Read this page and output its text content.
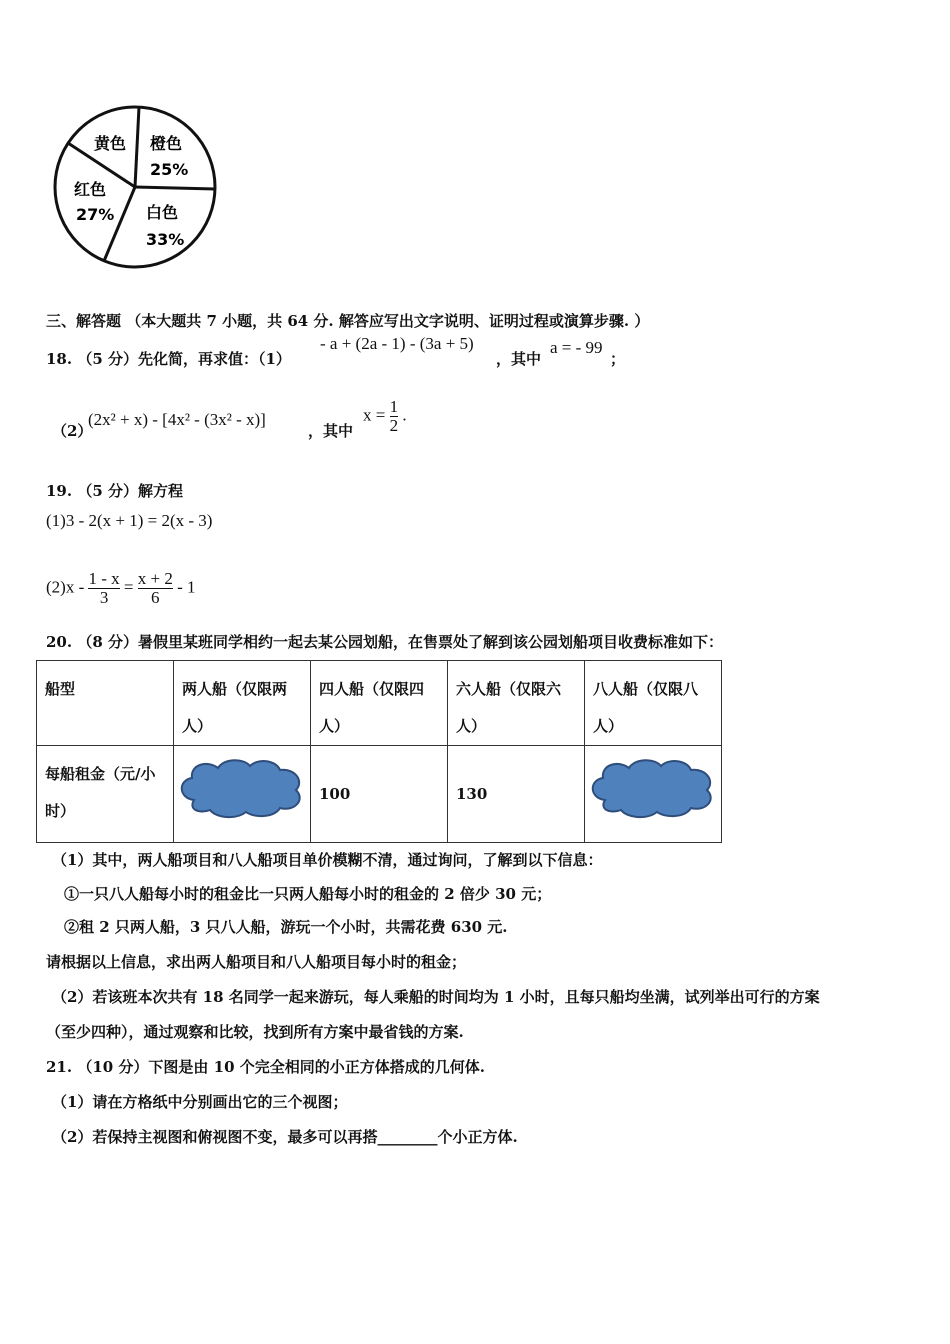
黄色 橙色
25%
红色
27% 白色
33%
三、解答题 （本大题共 7 小题，共 64 分. 解答应写出文字说明、证明过程或演算步骤. ）
18. （5 分）先化简，再求值：（1）
- a + (2a - 1) - (3a + 5)
，其中
a = - 99
；
（2）
(2x² + x) - [4x² - (3x² - x)]
，其中
$x = \frac{1}{2}$ .
19. （5 分）解方程
(1)3 - 2(x + 1) = 2(x - 3)
$(2)x - \frac{1 - x}{3} = \frac{x + 2}{6} - 1$
20. （8 分）暑假里某班同学相约一起去某公园划船，在售票处了解到该公园划船项目收费标准如下：
船型	两人船（仅限两人）	四人船（仅限四人）	六人船（仅限六人）	八人船（仅限八人）
每船租金（元/小时）		100	130	
（1）其中，两人船项目和八人船项目单价模糊不清，通过询问，了解到以下信息：
①一只八人船每小时的租金比一只两人船每小时的租金的 2 倍少 30 元；
②租 2 只两人船，3 只八人船，游玩一个小时，共需花费 630 元.
请根据以上信息，求出两人船项目和八人船项目每小时的租金；
（2）若该班本次共有 18 名同学一起来游玩，每人乘船的时间均为 1 小时，且每只船均坐满，试列举出可行的方案
（至少四种），通过观察和比较，找到所有方案中最省钱的方案.
21. （10 分）下图是由 10 个完全相同的小正方体搭成的几何体.
（1）请在方格纸中分别画出它的三个视图；
（2）若保持主视图和俯视图不变，最多可以再搭________个小正方体.
